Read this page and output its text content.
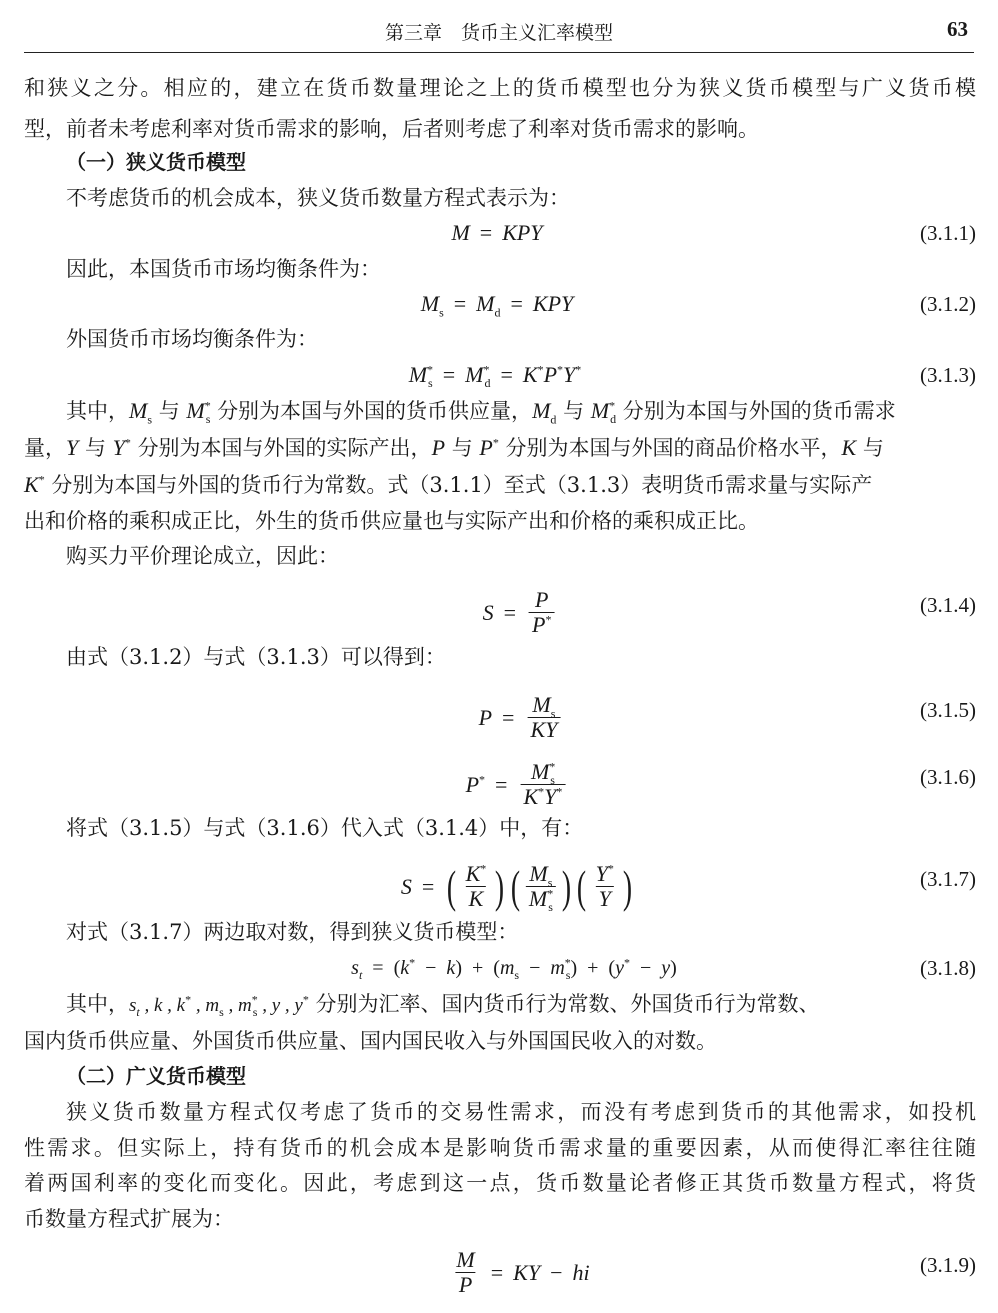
第三章　货币主义汇率模型	63
和狭义之分。相应的，建立在货币数量理论之上的货币模型也分为狭义货币模型与广义货币模
型，前者未考虑利率对货币需求的影响，后者则考虑了利率对货币需求的影响。
（一）狭义货币模型
不考虑货币的机会成本，狭义货币数量方程式表示为：
M = KPY	(3.1.1)
因此，本国货币市场均衡条件为：
$M_s = M_d$ = KPY	(3.1.2)
外国货币市场均衡条件为：
$M^*_s = M^*_d = K^*P^*Y^*$	(3.1.3)
其中，$M_s$ 与 $M^*_s$ 分别为本国与外国的货币供应量，$M_d$ 与 $M^*_d$ 分别为本国与外国的货币需求
量，Y 与 Y* 分别为本国与外国的实际产出，P 与 P* 分别为本国与外国的商品价格水平，K 与
K* 分别为本国与外国的货币行为常数。式（3.1.1）至式（3.1.3）表明货币需求量与实际产
出和价格的乘积成正比，外生的货币供应量也与实际产出和价格的乘积成正比。
购买力平价理论成立，因此：
$S = \frac{P}{P^*}$	(3.1.4)
由式（3.1.2）与式（3.1.3）可以得到：
$P = \frac{M_s}{KY}$	(3.1.5)
$P^* = \frac{M^*_s}{K^*Y^*}$	(3.1.6)
将式（3.1.5）与式（3.1.6）代入式（3.1.4）中，有：
S = ( $\frac{K^*}{K}$ ) ( $\frac{M_s}{M^*_s}$ ) ( $\frac{Y^*}{Y}$ )	(3.1.7)
对式（3.1.7）两边取对数，得到狭义货币模型：
$s_t$ = ( k* − k ) + ( $m_s - m^*_s$ ) + ( y* − y )	(3.1.8)
其中，$s_t$ , k , k* , $m_s$ , $m^*_s$ , y , y* 分别为汇率、国内货币行为常数、外国货币行为常数、
国内货币供应量、外国货币供应量、国内国民收入与外国国民收入的对数。
（二）广义货币模型
狭义货币数量方程式仅考虑了货币的交易性需求，而没有考虑到货币的其他需求，如投机
性需求。但实际上，持有货币的机会成本是影响货币需求量的重要因素，从而使得汇率往往随
着两国利率的变化而变化。因此，考虑到这一点，货币数量论者修正其货币数量方程式，将货
币数量方程式扩展为：
$\frac{M}{P}$ = KY − hi	(3.1.9)
